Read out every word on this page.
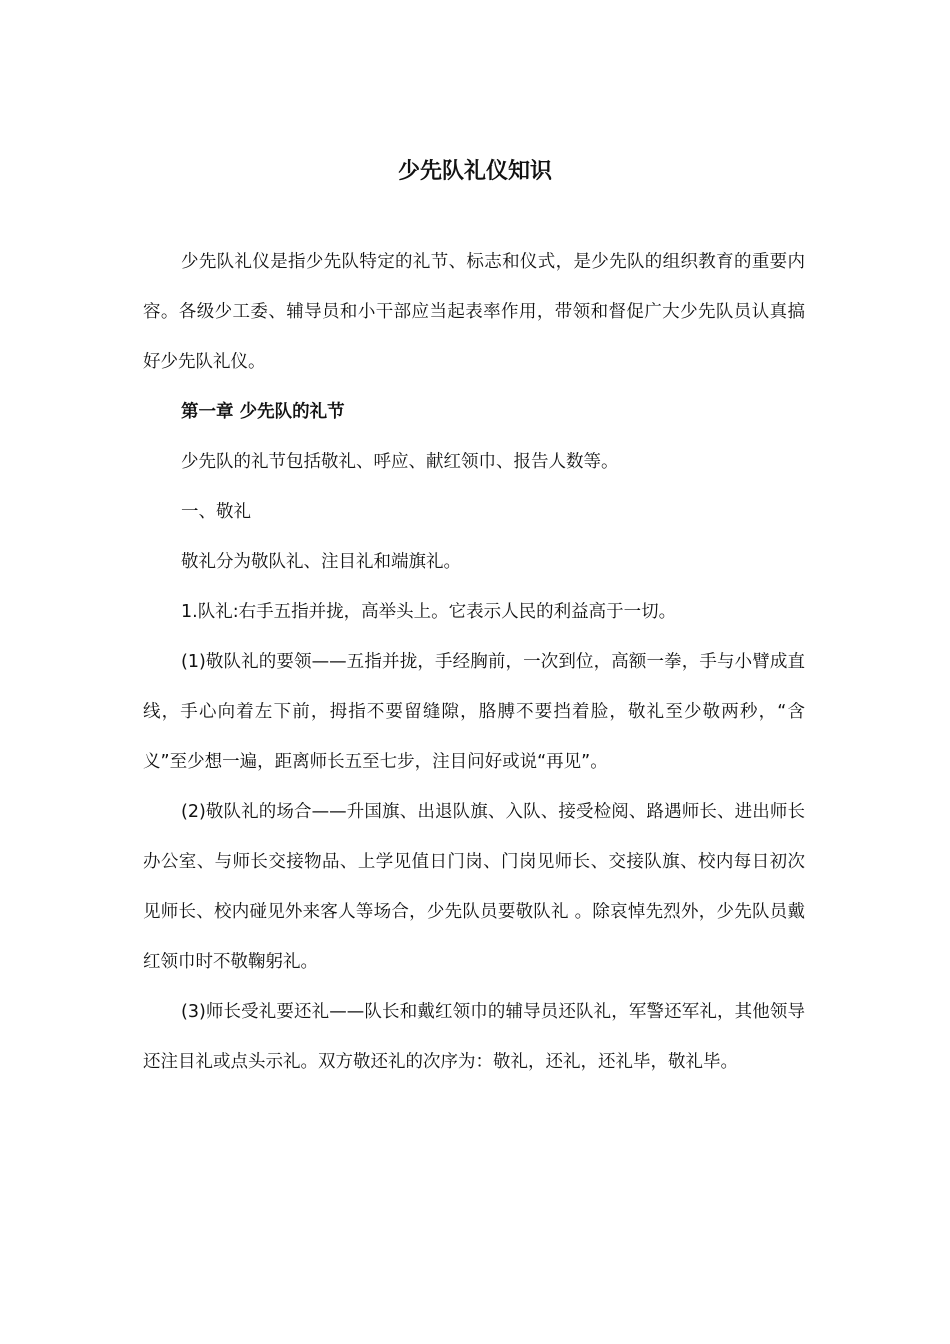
少先队礼仪知识

少先队礼仪是指少先队特定的礼节、标志和仪式，是少先队的组织教育的重要内容。各级少工委、辅导员和小干部应当起表率作用，带领和督促广大少先队员认真搞好少先队礼仪。

第一章 少先队的礼节

少先队的礼节包括敬礼、呼应、献红领巾、报告人数等。

一、敬礼

敬礼分为敬队礼、注目礼和端旗礼。

1.队礼:右手五指并拢，高举头上。它表示人民的利益高于一切。

(1)敬队礼的要领——五指并拢，手经胸前，一次到位，高额一拳，手与小臂成直线，手心向着左下前，拇指不要留缝隙，胳膊不要挡着脸，敬礼至少敬两秒，“含义”至少想一遍，距离师长五至七步，注目问好或说“再见”。

(2)敬队礼的场合——升国旗、出退队旗、入队、接受检阅、路遇师长、进出师长办公室、与师长交接物品、上学见值日门岗、门岗见师长、交接队旗、校内每日初次见师长、校内碰见外来客人等场合，少先队员要敬队礼 。除哀悼先烈外，少先队员戴红领巾时不敬鞠躬礼。

(3)师长受礼要还礼——队长和戴红领巾的辅导员还队礼，军警还军礼，其他领导还注目礼或点头示礼。双方敬还礼的次序为：敬礼，还礼，还礼毕，敬礼毕。
